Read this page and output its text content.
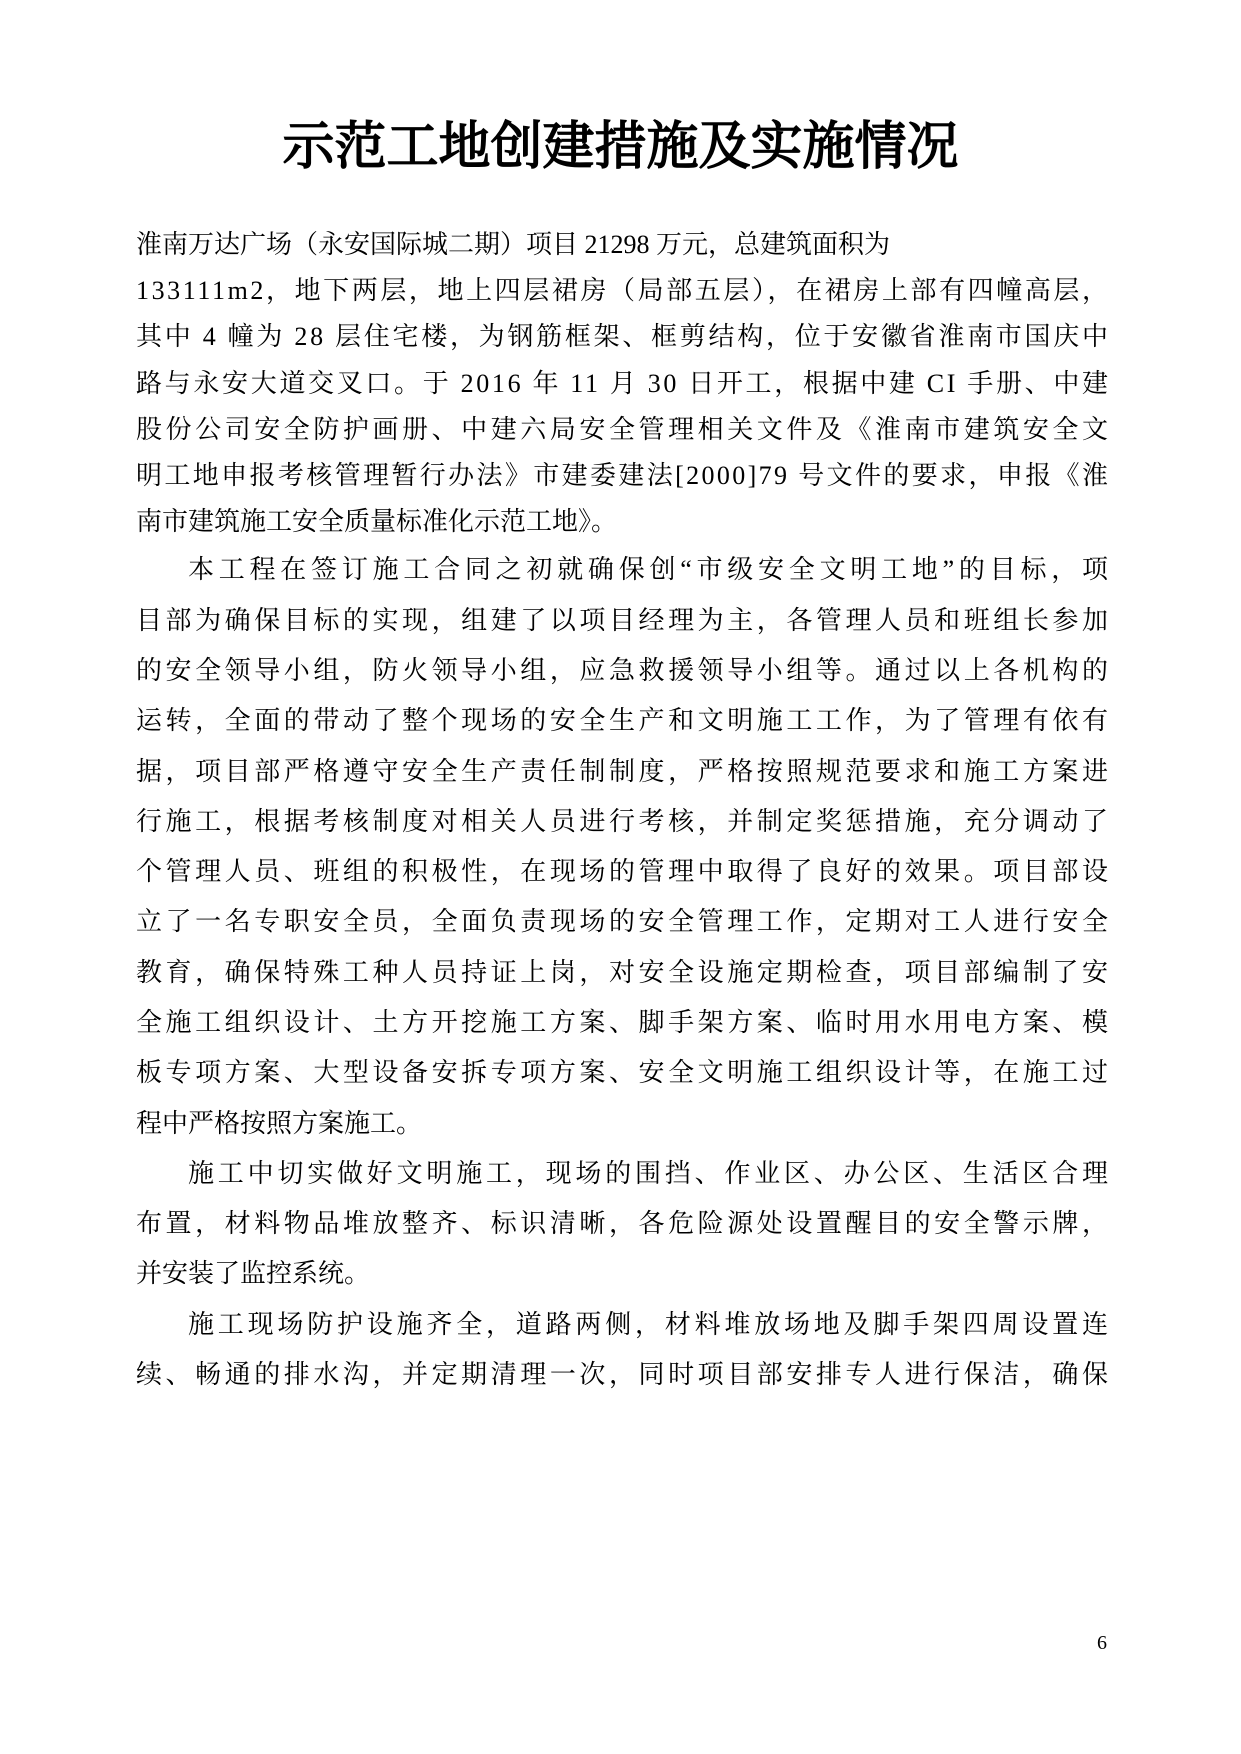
示范工地创建措施及实施情况
淮南万达广场（永安国际城二期）项目 21298 万元，总建筑面积为
133111m2，地下两层，地上四层裙房（局部五层），在裙房上部有四幢高层，
其中 4 幢为 28 层住宅楼，为钢筋框架、框剪结构，位于安徽省淮南市国庆中
路与永安大道交叉口。于 2016 年 11 月 30 日开工，根据中建 CI 手册、中建
股份公司安全防护画册、中建六局安全管理相关文件及《淮南市建筑安全文
明工地申报考核管理暂行办法》市建委建法[2000]79 号文件的要求，申报《淮
南市建筑施工安全质量标准化示范工地》。
本工程在签订施工合同之初就确保创“市级安全文明工地”的目标，项
目部为确保目标的实现，组建了以项目经理为主，各管理人员和班组长参加
的安全领导小组，防火领导小组，应急救援领导小组等。通过以上各机构的
运转，全面的带动了整个现场的安全生产和文明施工工作，为了管理有依有
据，项目部严格遵守安全生产责任制制度，严格按照规范要求和施工方案进
行施工，根据考核制度对相关人员进行考核，并制定奖惩措施，充分调动了
个管理人员、班组的积极性，在现场的管理中取得了良好的效果。项目部设
立了一名专职安全员，全面负责现场的安全管理工作，定期对工人进行安全
教育，确保特殊工种人员持证上岗，对安全设施定期检查，项目部编制了安
全施工组织设计、土方开挖施工方案、脚手架方案、临时用水用电方案、模
板专项方案、大型设备安拆专项方案、安全文明施工组织设计等，在施工过
程中严格按照方案施工。
施工中切实做好文明施工，现场的围挡、作业区、办公区、生活区合理
布置，材料物品堆放整齐、标识清晰，各危险源处设置醒目的安全警示牌，
并安装了监控系统。
施工现场防护设施齐全，道路两侧，材料堆放场地及脚手架四周设置连
续、畅通的排水沟，并定期清理一次，同时项目部安排专人进行保洁，确保
6
